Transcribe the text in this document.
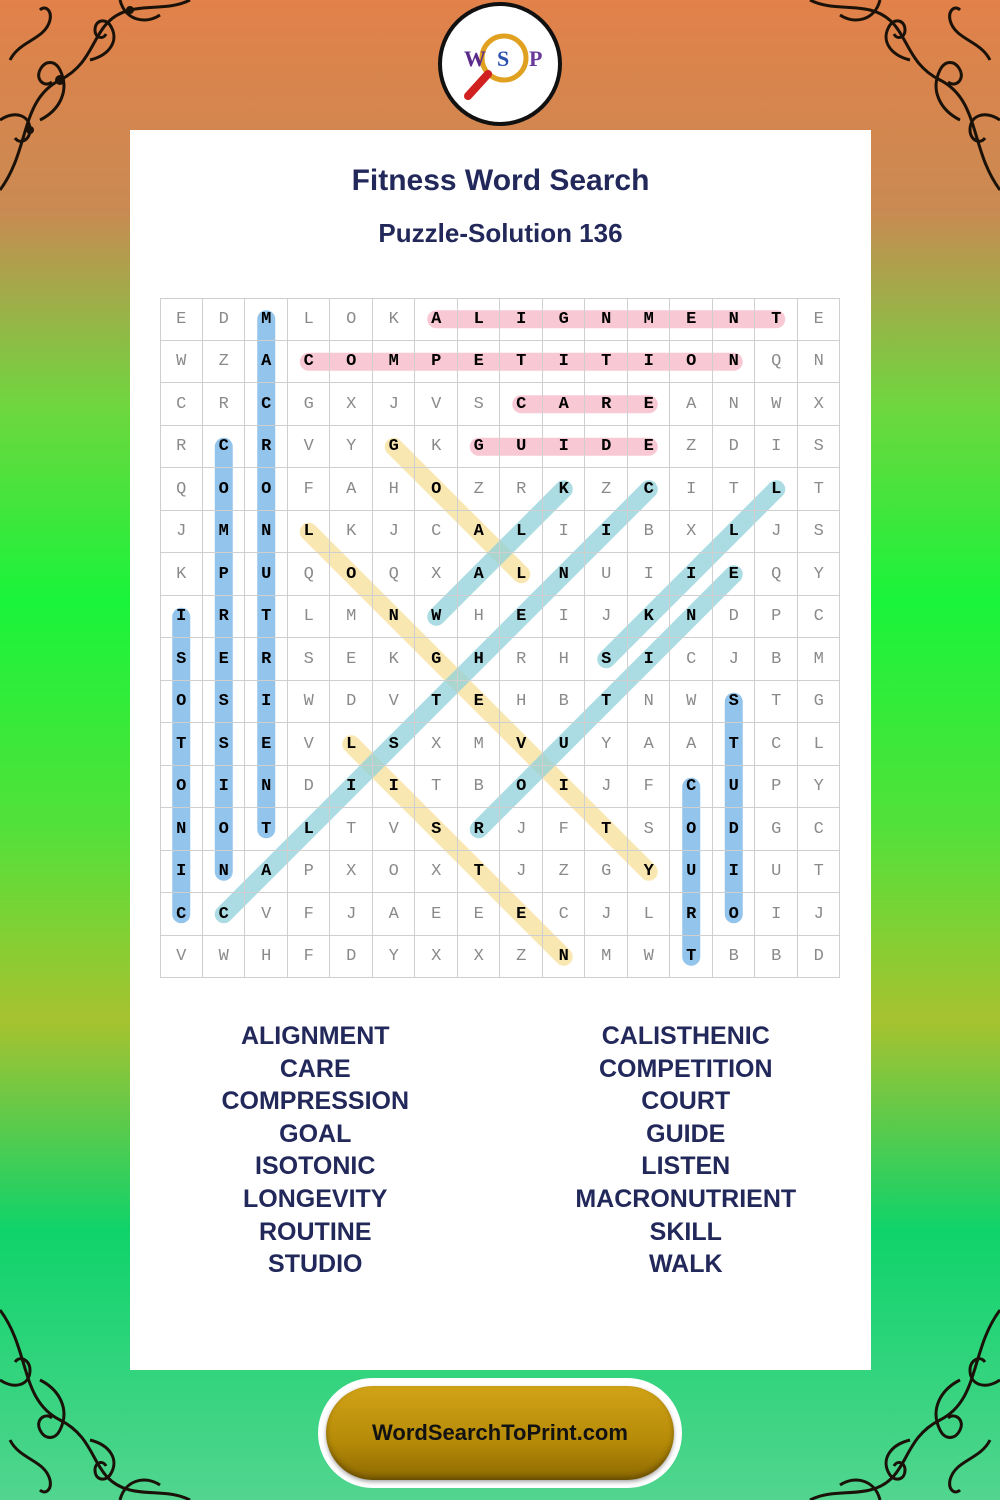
W S P
Fitness Word Search
Puzzle-Solution 136
E	D	M	L	O	K	A	L	I	G	N	M	E	N	T	E
W	Z	A	C	O	M	P	E	T	I	T	I	O	N	Q	N
C	R	C	G	X	J	V	S	C	A	R	E	A	N	W	X
R	C	R	V	Y	G	K	G	U	I	D	E	Z	D	I	S
Q	O	O	F	A	H	O	Z	R	K	Z	C	I	T	L	T
J	M	N	L	K	J	C	A	L	I	I	B	X	L	J	S
K	P	U	Q	O	Q	X	A	L	N	U	I	I	E	Q	Y
I	R	T	L	M	N	W	H	E	I	J	K	N	D	P	C
S	E	R	S	E	K	G	H	R	H	S	I	C	J	B	M
O	S	I	W	D	V	T	E	H	B	T	N	W	S	T	G
T	S	E	V	L	S	X	M	V	U	Y	A	A	T	C	L
O	I	N	D	I	I	T	B	O	I	J	F	C	U	P	Y
N	O	T	L	T	V	S	R	J	F	T	S	O	D	G	C
I	N	A	P	X	O	X	T	J	Z	G	Y	U	I	U	T
C	C	V	F	J	A	E	E	E	C	J	L	R	O	I	J
V	W	H	F	D	Y	X	X	Z	N	M	W	T	B	B	D
ALIGNMENT
CARE
COMPRESSION
GOAL
ISOTONIC
LONGEVITY
ROUTINE
STUDIO
CALISTHENIC
COMPETITION
COURT
GUIDE
LISTEN
MACRONUTRIENT
SKILL
WALK
WordSearchToPrint.com
